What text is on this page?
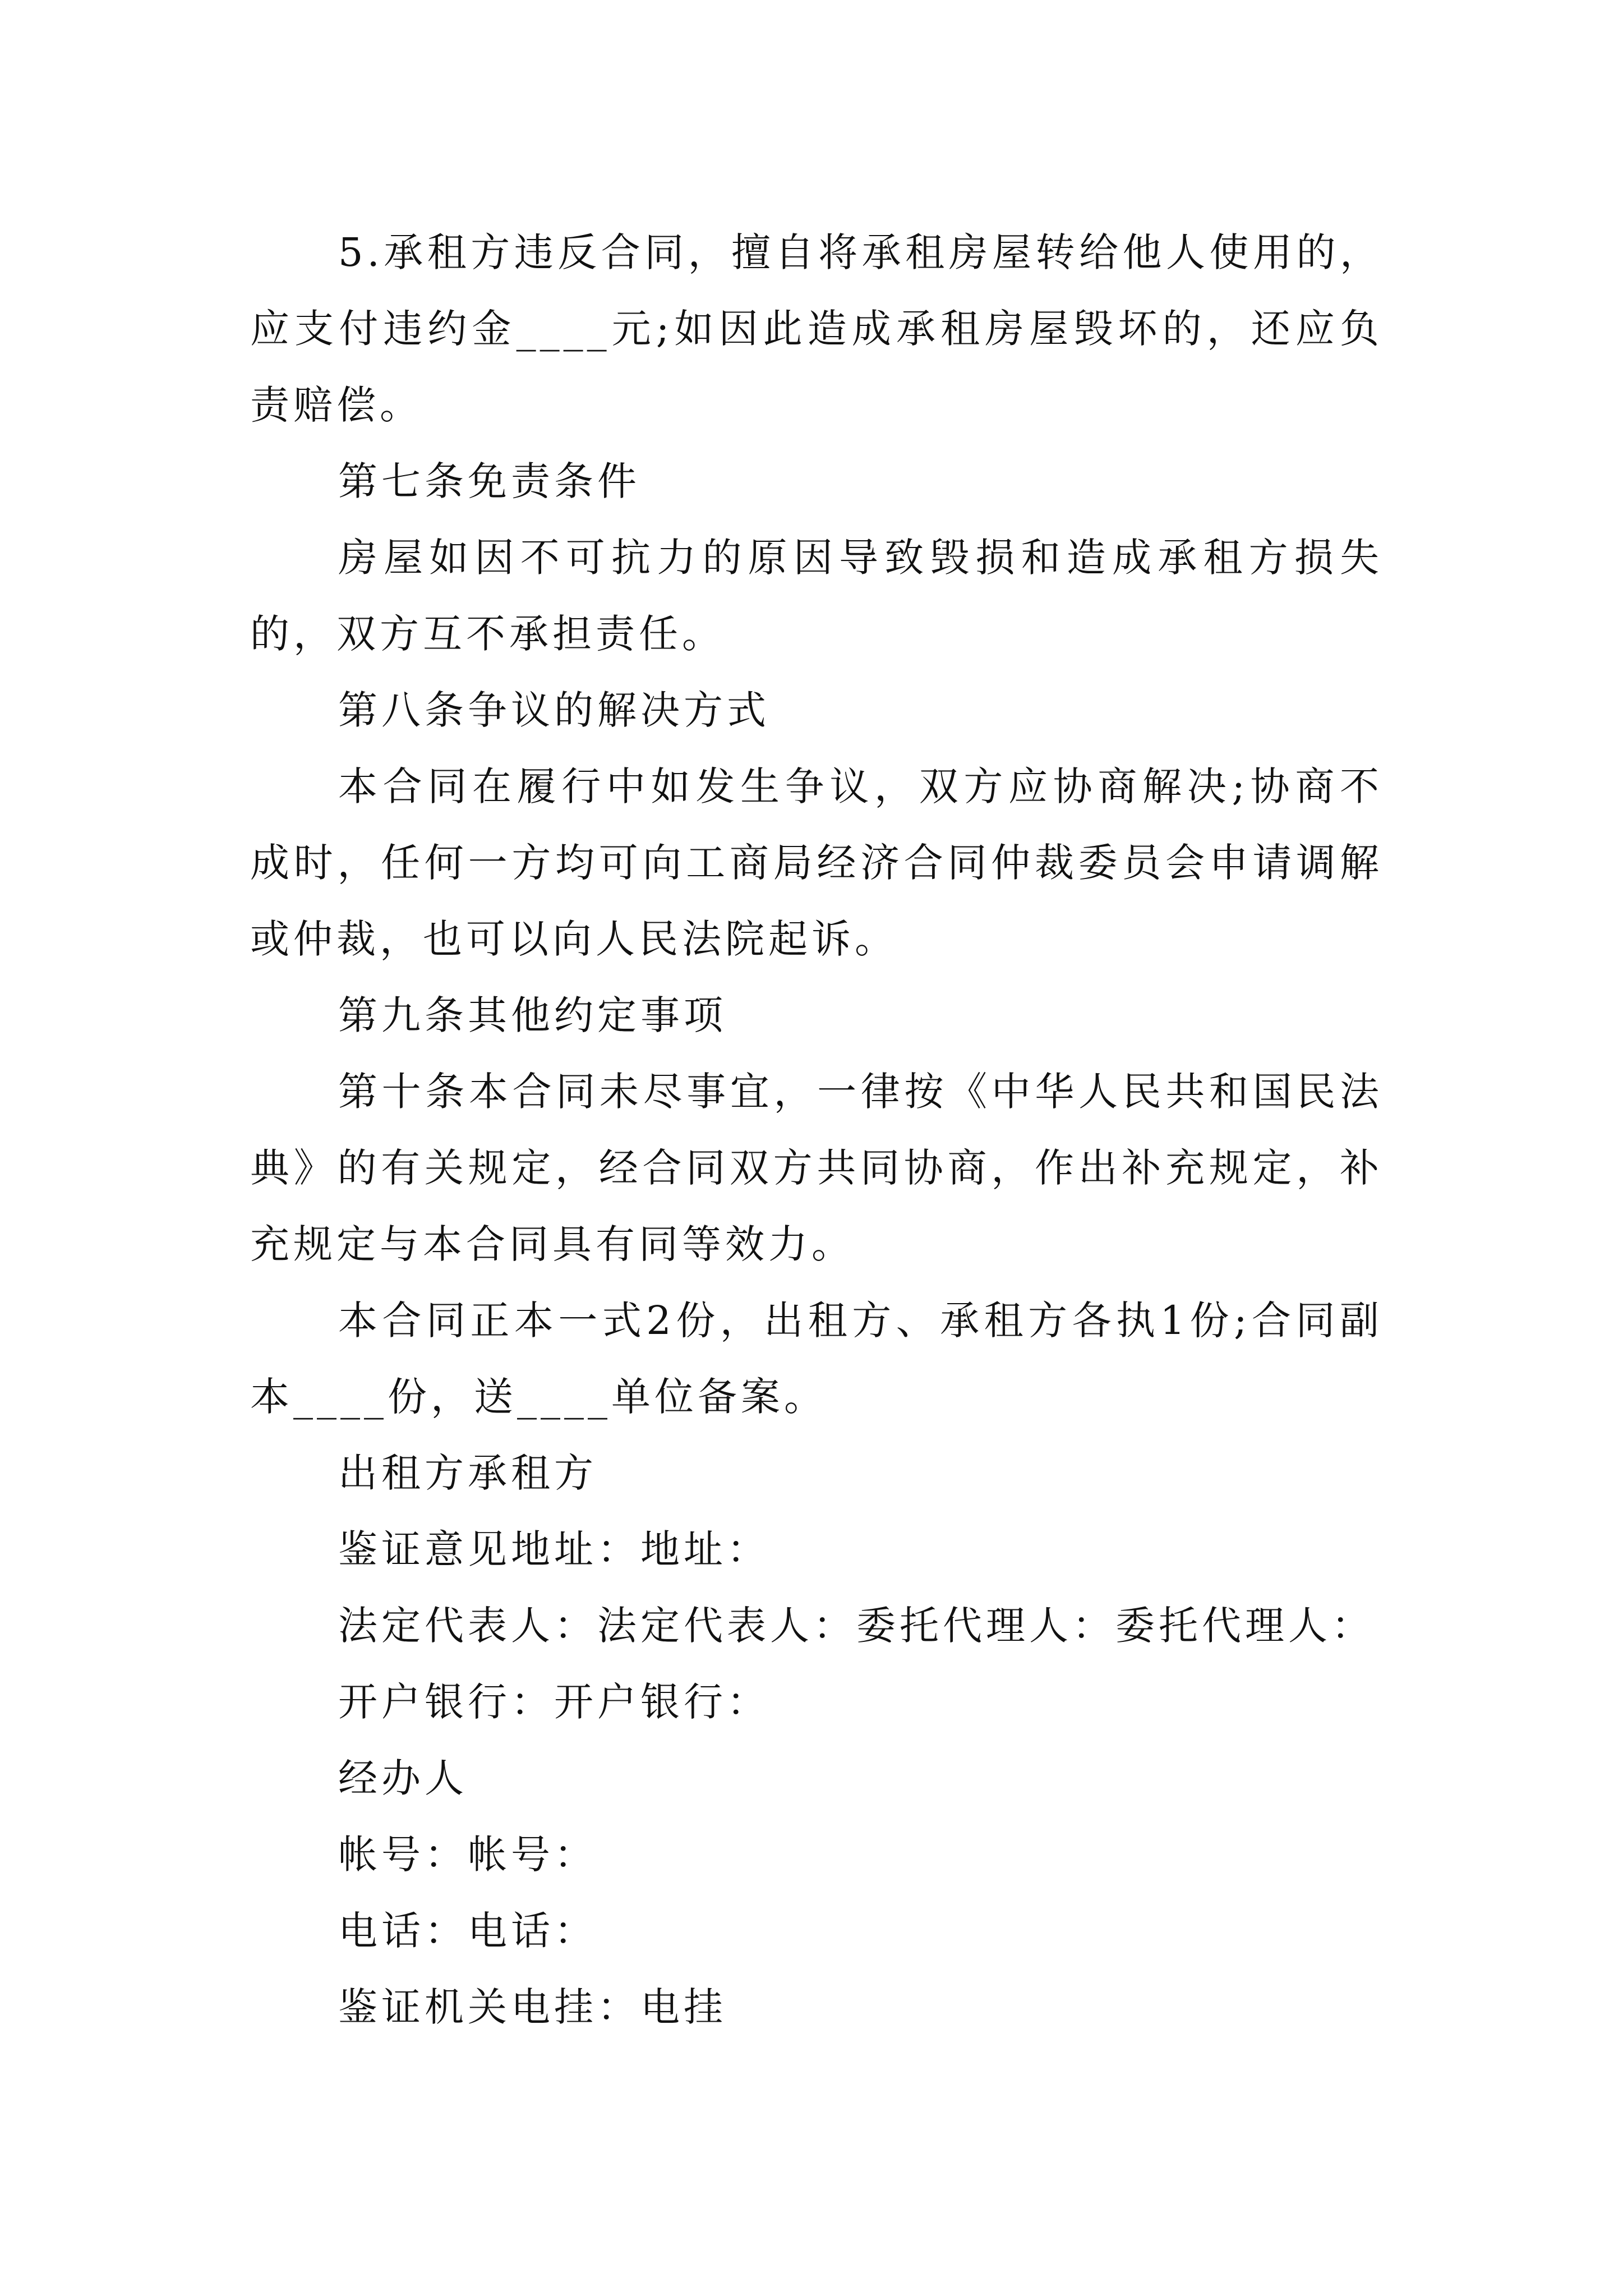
5.承租方违反合同，擅自将承租房屋转给他人使用的，应支付违约金____元;如因此造成承租房屋毁坏的，还应负责赔偿。

第七条免责条件

房屋如因不可抗力的原因导致毁损和造成承租方损失的，双方互不承担责任。

第八条争议的解决方式

本合同在履行中如发生争议，双方应协商解决;协商不成时，任何一方均可向工商局经济合同仲裁委员会申请调解或仲裁，也可以向人民法院起诉。

第九条其他约定事项

第十条本合同未尽事宜，一律按《中华人民共和国民法典》的有关规定，经合同双方共同协商，作出补充规定，补充规定与本合同具有同等效力。

本合同正本一式2份，出租方、承租方各执1份;合同副本____份，送____单位备案。

出租方承租方

鉴证意见地址：地址：

法定代表人：法定代表人：委托代理人：委托代理人：

开户银行：开户银行：

经办人

帐号：帐号：

电话：电话：

鉴证机关电挂：电挂
